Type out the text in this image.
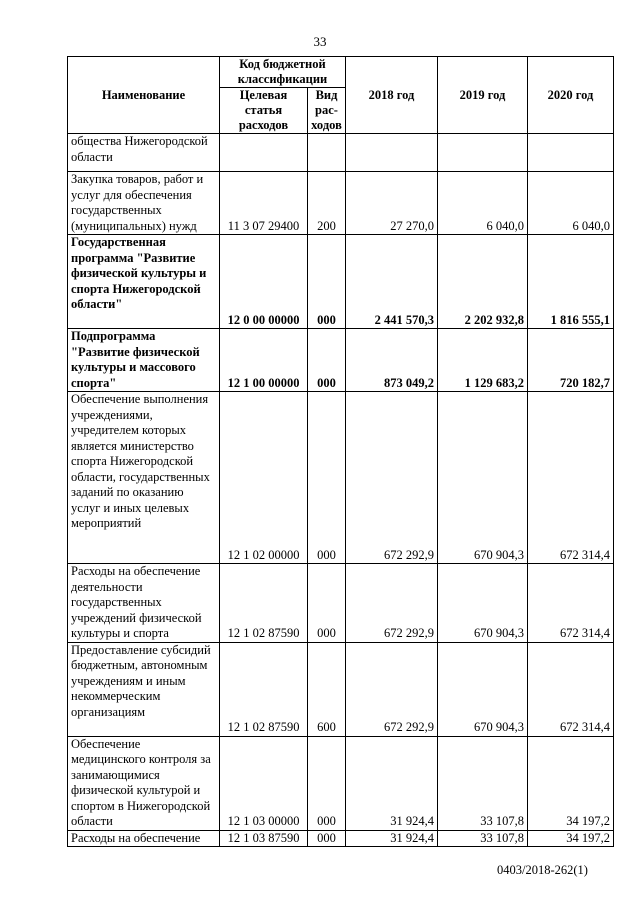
33
Наименование	Код бюджетной классификации		2018 год	2019 год	2020 год
	Целевая статья расходов	Вид рас- ходов			
общества Нижегородской области					
Закупка товаров, работ и услуг для обеспечения государственных (муниципальных) нужд	11 3 07 29400	200	27 270,0	6 040,0	6 040,0
Государственная программа "Развитие физической культуры и спорта Нижегородской области"	12 0 00 00000	000	2 441 570,3	2 202 932,8	1 816 555,1
Подпрограмма "Развитие физической культуры и массового спорта"	12 1 00 00000	000	873 049,2	1 129 683,2	720 182,7
Обеспечение выполнения учреждениями, учредителем которых является министерство спорта Нижегородской области, государственных заданий по оказанию услуг и иных целевых мероприятий	12 1 02 00000	000	672 292,9	670 904,3	672 314,4
Расходы на обеспечение деятельности государственных учреждений физической культуры и спорта	12 1 02 87590	000	672 292,9	670 904,3	672 314,4
Предоставление субсидий бюджетным, автономным учреждениям и иным некоммерческим организациям	12 1 02 87590	600	672 292,9	670 904,3	672 314,4
Обеспечение медицинского контроля за занимающимися физической культурой и спортом в Нижегородской области	12 1 03 00000	000	31 924,4	33 107,8	34 197,2
Расходы на обеспечение	12 1 03 87590	000	31 924,4	33 107,8	34 197,2
0403/2018-262(1)
